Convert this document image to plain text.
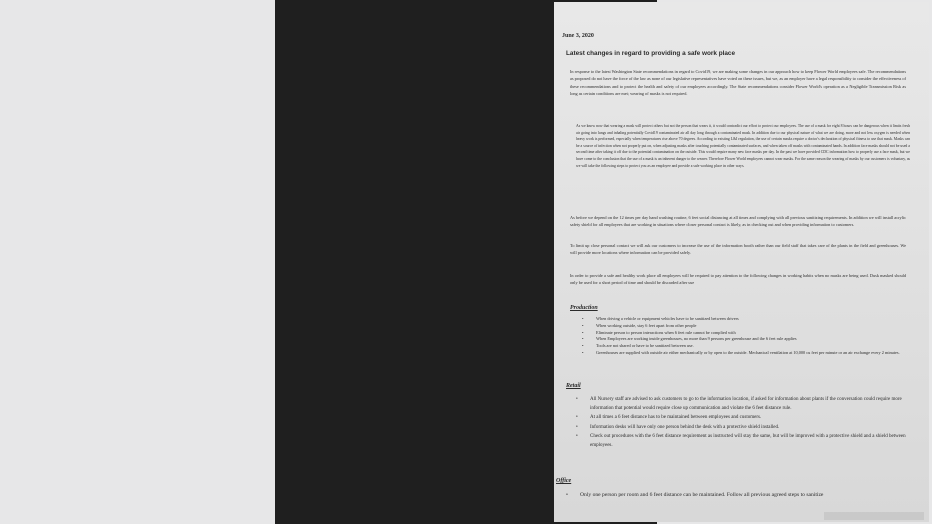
June 3, 2020
Latest changes in regard to providing a safe work place

In response to the latest Washington State recommendations in regard to Covid19, we are making some changes in our approach how to keep Flower World employees safe. The recommendations as proposed do not have the force of the law as none of our legislative representatives have voted on these issues, but we, as an employer have a legal responsibility to consider the effectiveness of these recommendations and to protect the health and safety of our employees accordingly. The State recommendations consider Flower World's operation as a Negligible Transmission Risk as long as certain conditions are met; wearing of masks is not required.

As we know now that wearing a mask will protect others but not the person that wears it, it would contradict our effort to protect our employees. The use of a mask for eight 8 hours can be dangerous when it limits fresh air going into lungs and inhaling potentially Covid19 contaminated air all day long through a contaminated mask. In addition due to our physical nature of what we are doing, more and not less oxygen is needed when heavy work is performed, especially when temperatures rise above 70 degrees. According to existing L&I regulation, the use of certain masks require a doctor's declaration of physical fitness to use that mask. Masks can be a source of infection when not properly put on, when adjusting masks after touching potentially contaminated surfaces, and when taken off masks with contaminated hands. In addition face masks should not be used a second time after taking it off due to the potential contamination on the outside. This would require many new face masks per day. In the past we have provided CDC information how to properly use a face mask, but we have come to the conclusion that the use of a mask is an inherent danger to the wearer. Therefore Flower World employees cannot wear masks. For the same reason the wearing of masks by our customers is voluntary, as we will take the following steps to protect you as an employee and provide a safe working place in other ways.

As before we depend on the 12 times per day hand washing routine, 6 feet social distancing at all times and complying with all previous sanitizing requirements. In addition we will install acrylic safety shield for all employees that are working in situations where closer personal contact is likely, as in checking out and when providing information to customers.

To limit up close personal contact we will ask our customers to increase the use of the information booth rather than our field staff that takes care of the plants in the field and greenhouses. We will provide more locations where information can be provided safely.

In order to provide a safe and healthy work place all employees will be required to pay attention to the following changes in working habits when no masks are being used. Dusk masked should only be used for a short period of time and should be discarded after use

Production
• When driving a vehicle or equipment vehicles have to be sanitized between drivers
• When working outside, stay 6 feet apart from other people
• Eliminate person to person interactions when 6 feet rule cannot be complied with
• When Employees are working inside greenhouses, no more than 9 persons per greenhouse and the 6 feet rule applies
• Tools are not shared or have to be sanitized between use.
• Greenhouses are supplied with outside air either mechanically or by open to the outside. Mechanical ventilation at 10,000 cu feet per minute or an air exchange every 2 minutes.
Retail
• All Nursery staff are advised to ask customers to go to the information location, if asked for information about plants if the conversation could require more information that potential would require close up communication and violate the 6 feet distance rule.
• At all times a 6 feet distance has to be maintained between employees and customers.
• Information desks will have only one person behind the desk with a protective shield installed.
• Check out procedures with the 6 feet distance requirement as instructed will stay the same, but will be improved with a protective shield and a shield between employees.
Office
• Only one person per room and 6 feet distance can be maintained. Follow all previous agreed steps to sanitize
